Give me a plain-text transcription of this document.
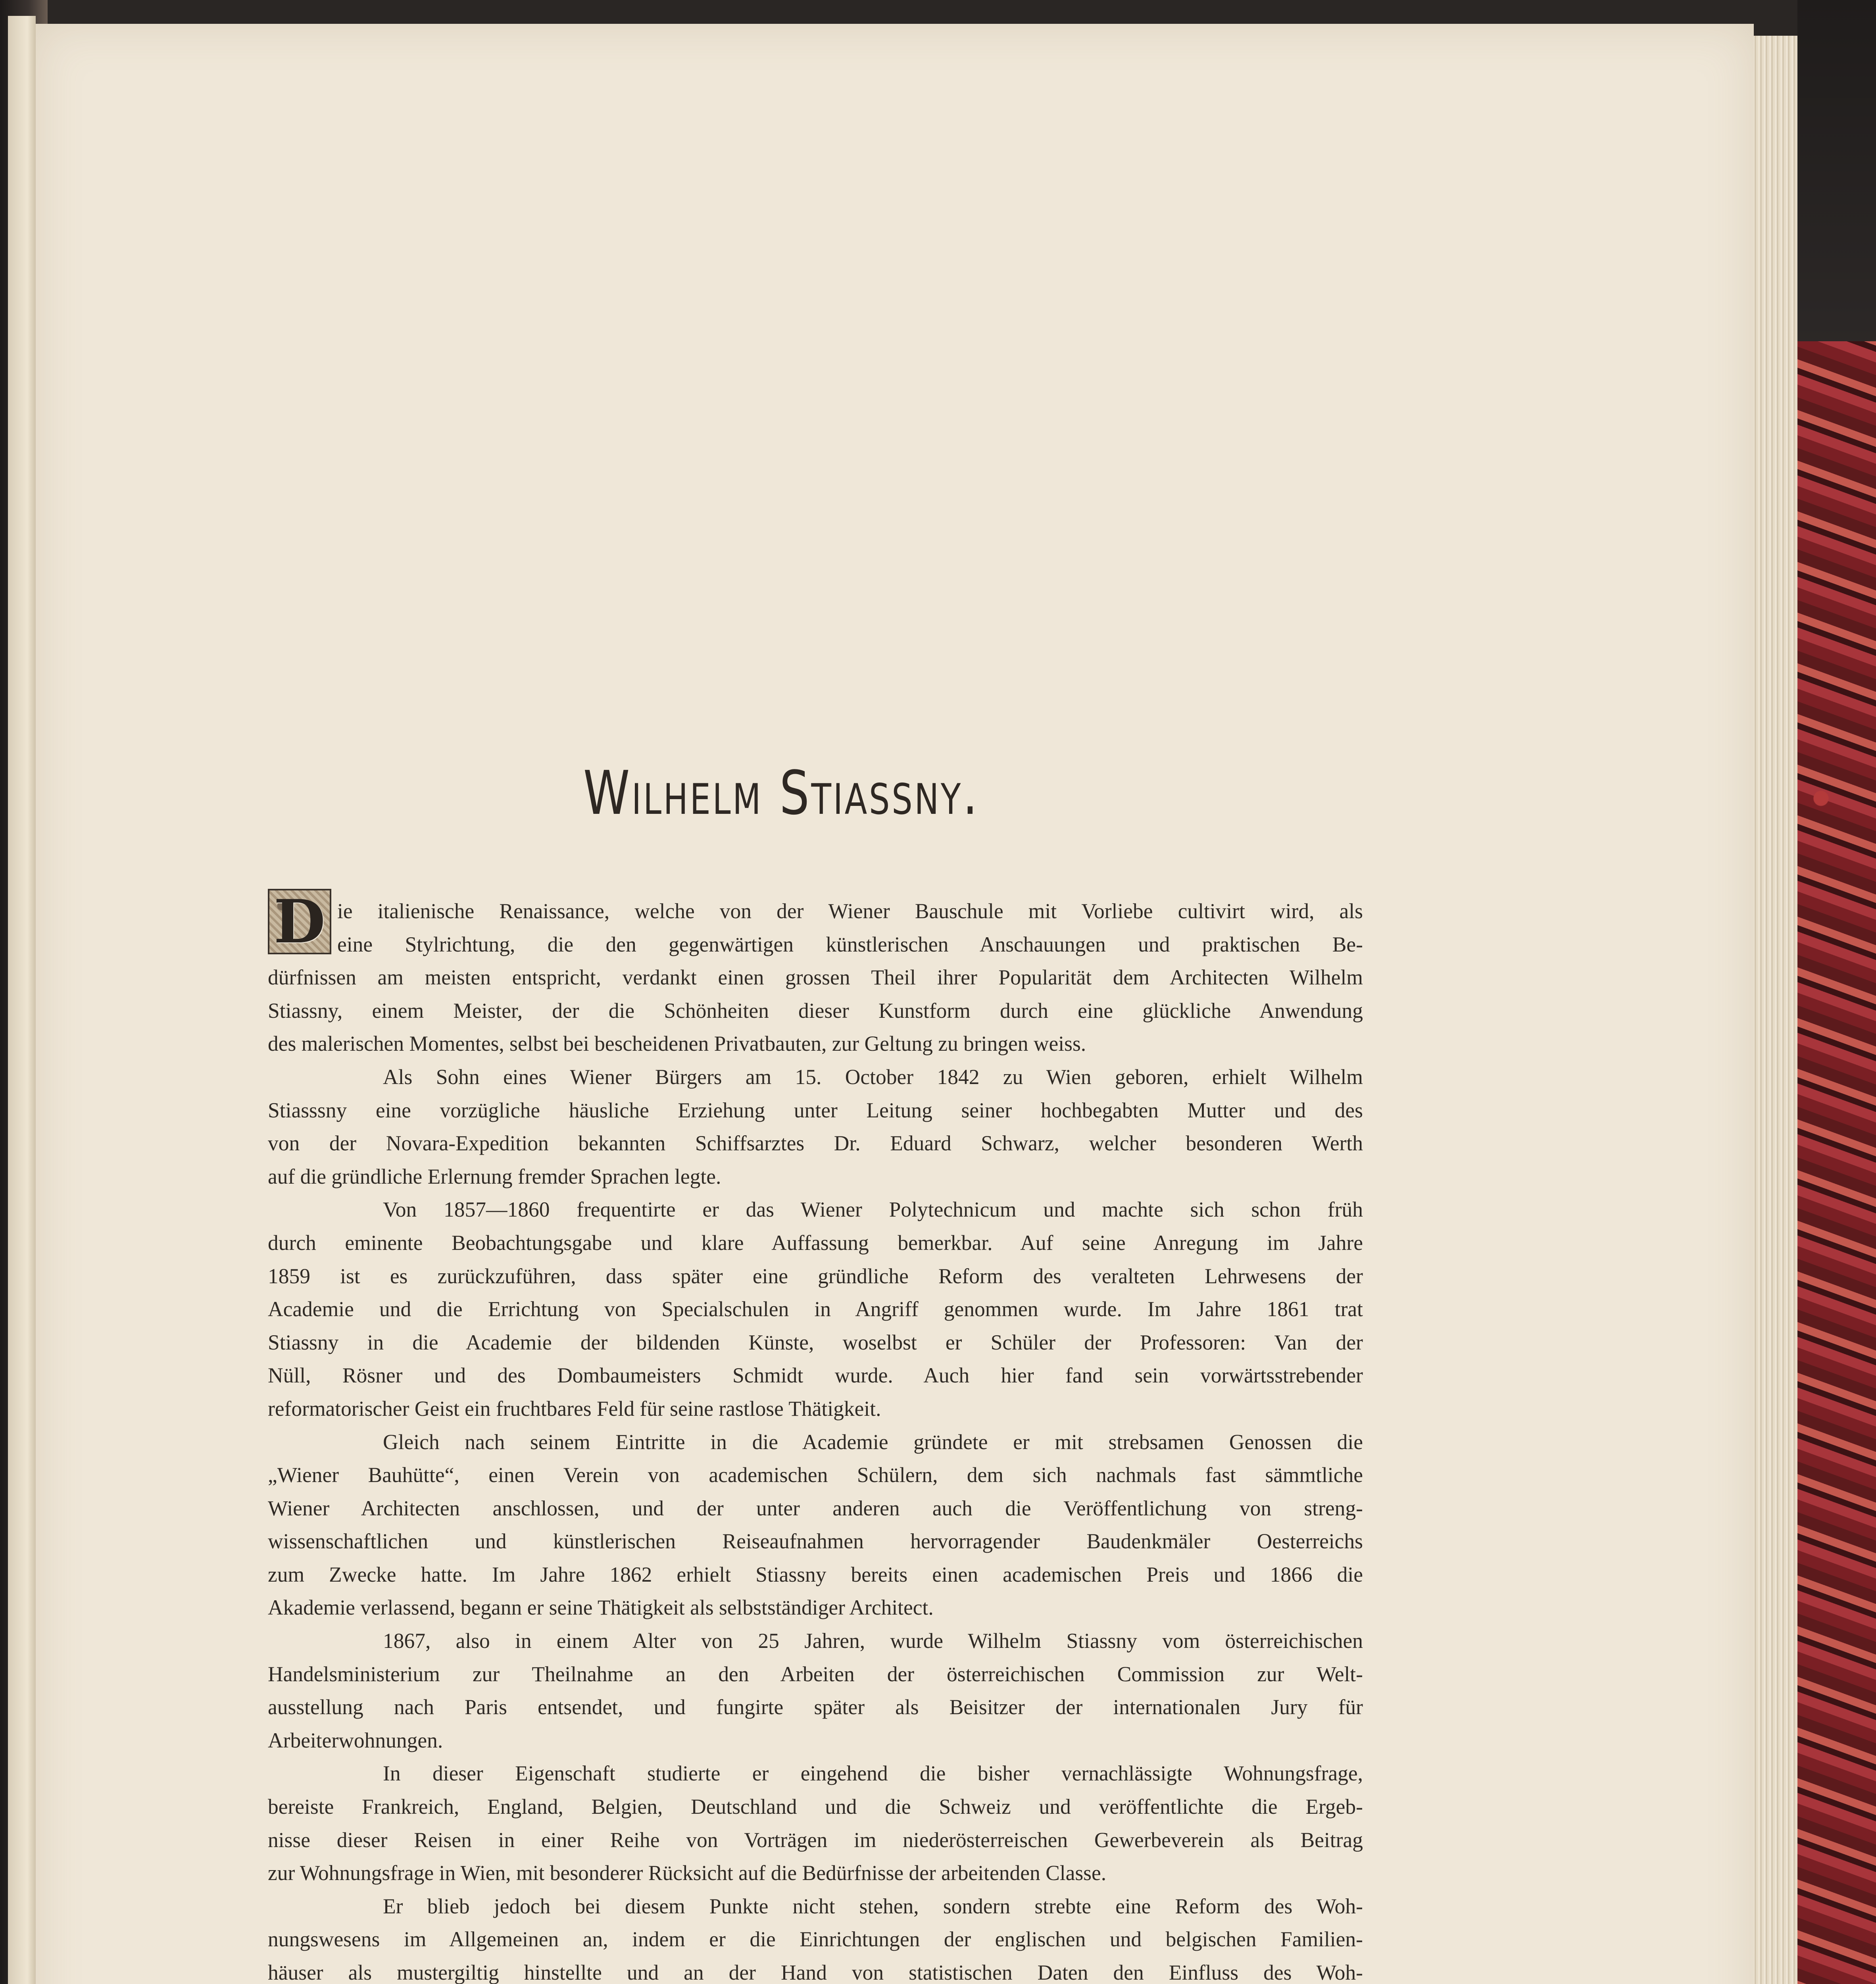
Wilhelm Stiassny.
D ie italienische Renaissance, welche von der Wiener Bauschule mit Vorliebe cultivirt wird, als
eine Stylrichtung, die den gegenwärtigen künstlerischen Anschauungen und praktischen Be-
dürfnissen am meisten entspricht, verdankt einen grossen Theil ihrer Popularität dem Architecten Wilhelm
Stiassny, einem Meister, der die Schönheiten dieser Kunstform durch eine glückliche Anwendung
des malerischen Momentes, selbst bei bescheidenen Privatbauten, zur Geltung zu bringen weiss.
Als Sohn eines Wiener Bürgers am 15. October 1842 zu Wien geboren, erhielt Wilhelm
Stiasssny eine vorzügliche häusliche Erziehung unter Leitung seiner hochbegabten Mutter und des
von der Novara-Expedition bekannten Schiffsarztes Dr. Eduard Schwarz, welcher besonderen Werth
auf die gründliche Erlernung fremder Sprachen legte.
Von 1857—1860 frequentirte er das Wiener Polytechnicum und machte sich schon früh
durch eminente Beobachtungsgabe und klare Auffassung bemerkbar. Auf seine Anregung im Jahre
1859 ist es zurückzuführen, dass später eine gründliche Reform des veralteten Lehrwesens der
Academie und die Errichtung von Specialschulen in Angriff genommen wurde. Im Jahre 1861 trat
Stiassny in die Academie der bildenden Künste, woselbst er Schüler der Professoren: Van der
Nüll, Rösner und des Dombaumeisters Schmidt wurde. Auch hier fand sein vorwärtsstrebender
reformatorischer Geist ein fruchtbares Feld für seine rastlose Thätigkeit.
Gleich nach seinem Eintritte in die Academie gründete er mit strebsamen Genossen die
„Wiener Bauhütte“, einen Verein von academischen Schülern, dem sich nachmals fast sämmtliche
Wiener Architecten anschlossen, und der unter anderen auch die Veröffentlichung von streng-
wissenschaftlichen und künstlerischen Reiseaufnahmen hervorragender Baudenkmäler Oesterreichs
zum Zwecke hatte. Im Jahre 1862 erhielt Stiassny bereits einen academischen Preis und 1866 die
Akademie verlassend, begann er seine Thätigkeit als selbstständiger Architect.
1867, also in einem Alter von 25 Jahren, wurde Wilhelm Stiassny vom österreichischen
Handelsministerium zur Theilnahme an den Arbeiten der österreichischen Commission zur Welt-
ausstellung nach Paris entsendet, und fungirte später als Beisitzer der internationalen Jury für
Arbeiterwohnungen.
In dieser Eigenschaft studierte er eingehend die bisher vernachlässigte Wohnungsfrage,
bereiste Frankreich, England, Belgien, Deutschland und die Schweiz und veröffentlichte die Ergeb-
nisse dieser Reisen in einer Reihe von Vorträgen im niederösterreischen Gewerbeverein als Beitrag
zur Wohnungsfrage in Wien, mit besonderer Rücksicht auf die Bedürfnisse der arbeitenden Classe.
Er blieb jedoch bei diesem Punkte nicht stehen, sondern strebte eine Reform des Woh-
nungswesens im Allgemeinen an, indem er die Einrichtungen der englischen und belgischen Familien-
häuser als mustergiltig hinstellte und an der Hand von statistischen Daten den Einfluss des Woh-
